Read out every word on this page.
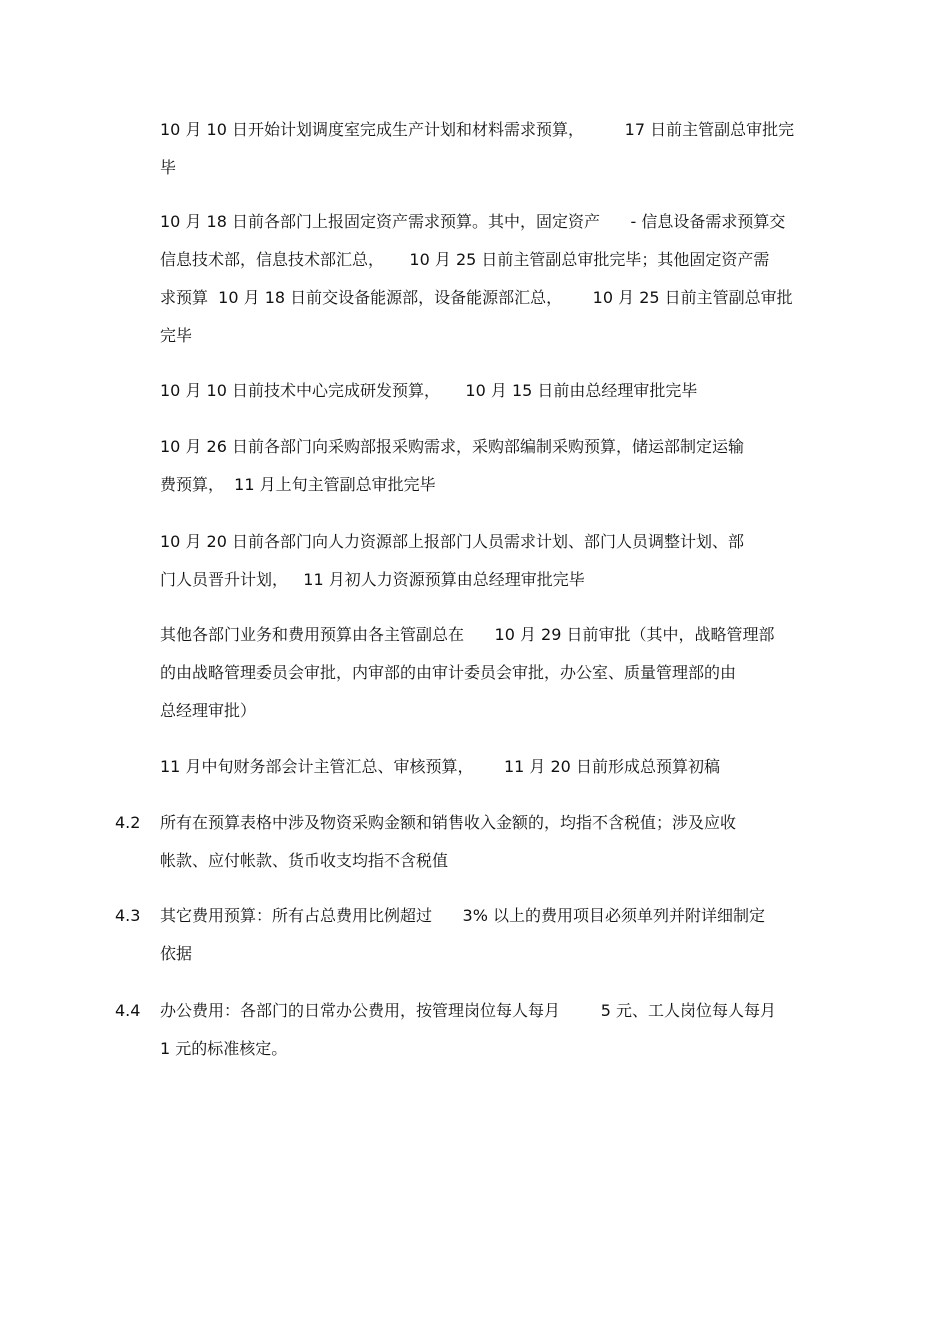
10 月 10 日开始计划调度室完成生产计划和材料需求预算，        17 日前主管副总审批完
毕
10 月 18 日前各部门上报固定资产需求预算。其中，固定资产      - 信息设备需求预算交
信息技术部，信息技术部汇总，     10 月 25 日前主管副总审批完毕；其他固定资产需
求预算  10 月 18 日前交设备能源部，设备能源部汇总，      10 月 25 日前主管副总审批
完毕
10 月 10 日前技术中心完成研发预算，     10 月 15 日前由总经理审批完毕
10 月 26 日前各部门向采购部报采购需求，采购部编制采购预算，储运部制定运输
费预算，  11 月上旬主管副总审批完毕
10 月 20 日前各部门向人力资源部上报部门人员需求计划、部门人员调整计划、部
门人员晋升计划，   11 月初人力资源预算由总经理审批完毕
其他各部门业务和费用预算由各主管副总在      10 月 29 日前审批（其中，战略管理部
的由战略管理委员会审批，内审部的由审计委员会审批，办公室、质量管理部的由
总经理审批）
11 月中旬财务部会计主管汇总、审核预算，      11 月 20 日前形成总预算初稿
4.2 所有在预算表格中涉及物资采购金额和销售收入金额的，均指不含税值；涉及应收
帐款、应付帐款、货币收支均指不含税值
4.3 其它费用预算：所有占总费用比例超过      3% 以上的费用项目必须单列并附详细制定
依据
4.4 办公费用：各部门的日常办公费用，按管理岗位每人每月        5 元、工人岗位每人每月
1 元的标准核定。
